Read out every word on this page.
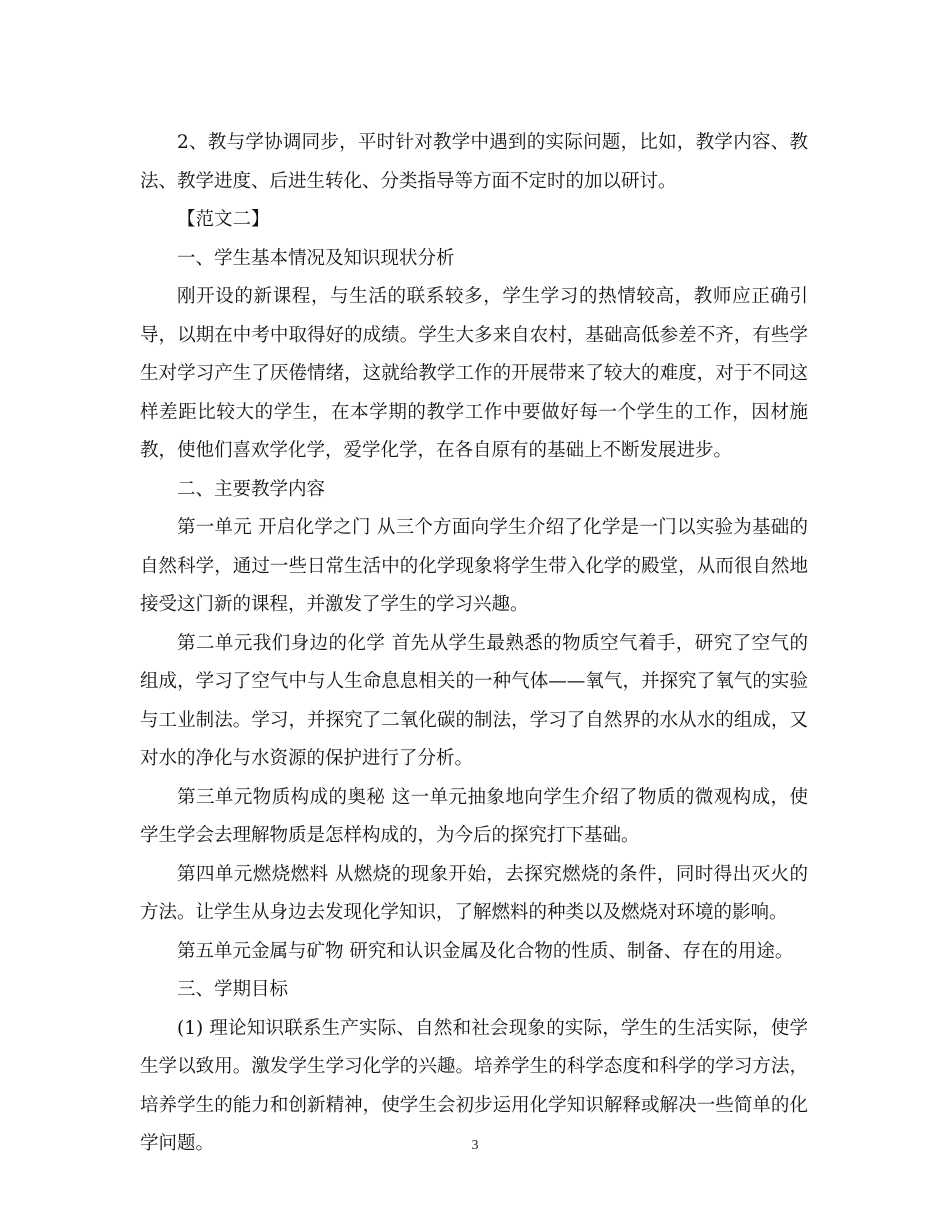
2、教与学协调同步，平时针对教学中遇到的实际问题，比如，教学内容、教法、教学进度、后进生转化、分类指导等方面不定时的加以研讨。

【范文二】

一、学生基本情况及知识现状分析

刚开设的新课程，与生活的联系较多，学生学习的热情较高，教师应正确引导，以期在中考中取得好的成绩。学生大多来自农村，基础高低参差不齐，有些学生对学习产生了厌倦情绪，这就给教学工作的开展带来了较大的难度，对于不同这样差距比较大的学生，在本学期的教学工作中要做好每一个学生的工作，因材施教，使他们喜欢学化学，爱学化学，在各自原有的基础上不断发展进步。

二、主要教学内容

第一单元 开启化学之门 从三个方面向学生介绍了化学是一门以实验为基础的自然科学，通过一些日常生活中的化学现象将学生带入化学的殿堂，从而很自然地接受这门新的课程，并激发了学生的学习兴趣。

第二单元我们身边的化学 首先从学生最熟悉的物质空气着手，研究了空气的组成，学习了空气中与人生命息息相关的一种气体——氧气，并探究了氧气的实验与工业制法。学习，并探究了二氧化碳的制法，学习了自然界的水从水的组成，又对水的净化与水资源的保护进行了分析。

第三单元物质构成的奥秘 这一单元抽象地向学生介绍了物质的微观构成，使学生学会去理解物质是怎样构成的，为今后的探究打下基础。

第四单元燃烧燃料 从燃烧的现象开始，去探究燃烧的条件，同时得出灭火的方法。让学生从身边去发现化学知识，了解燃料的种类以及燃烧对环境的影响。

第五单元金属与矿物 研究和认识金属及化合物的性质、制备、存在的用途。

三、学期目标

(1) 理论知识联系生产实际、自然和社会现象的实际，学生的生活实际，使学生学以致用。激发学生学习化学的兴趣。培养学生的科学态度和科学的学习方法，培养学生的能力和创新精神，使学生会初步运用化学知识解释或解决一些简单的化学问题。	3
